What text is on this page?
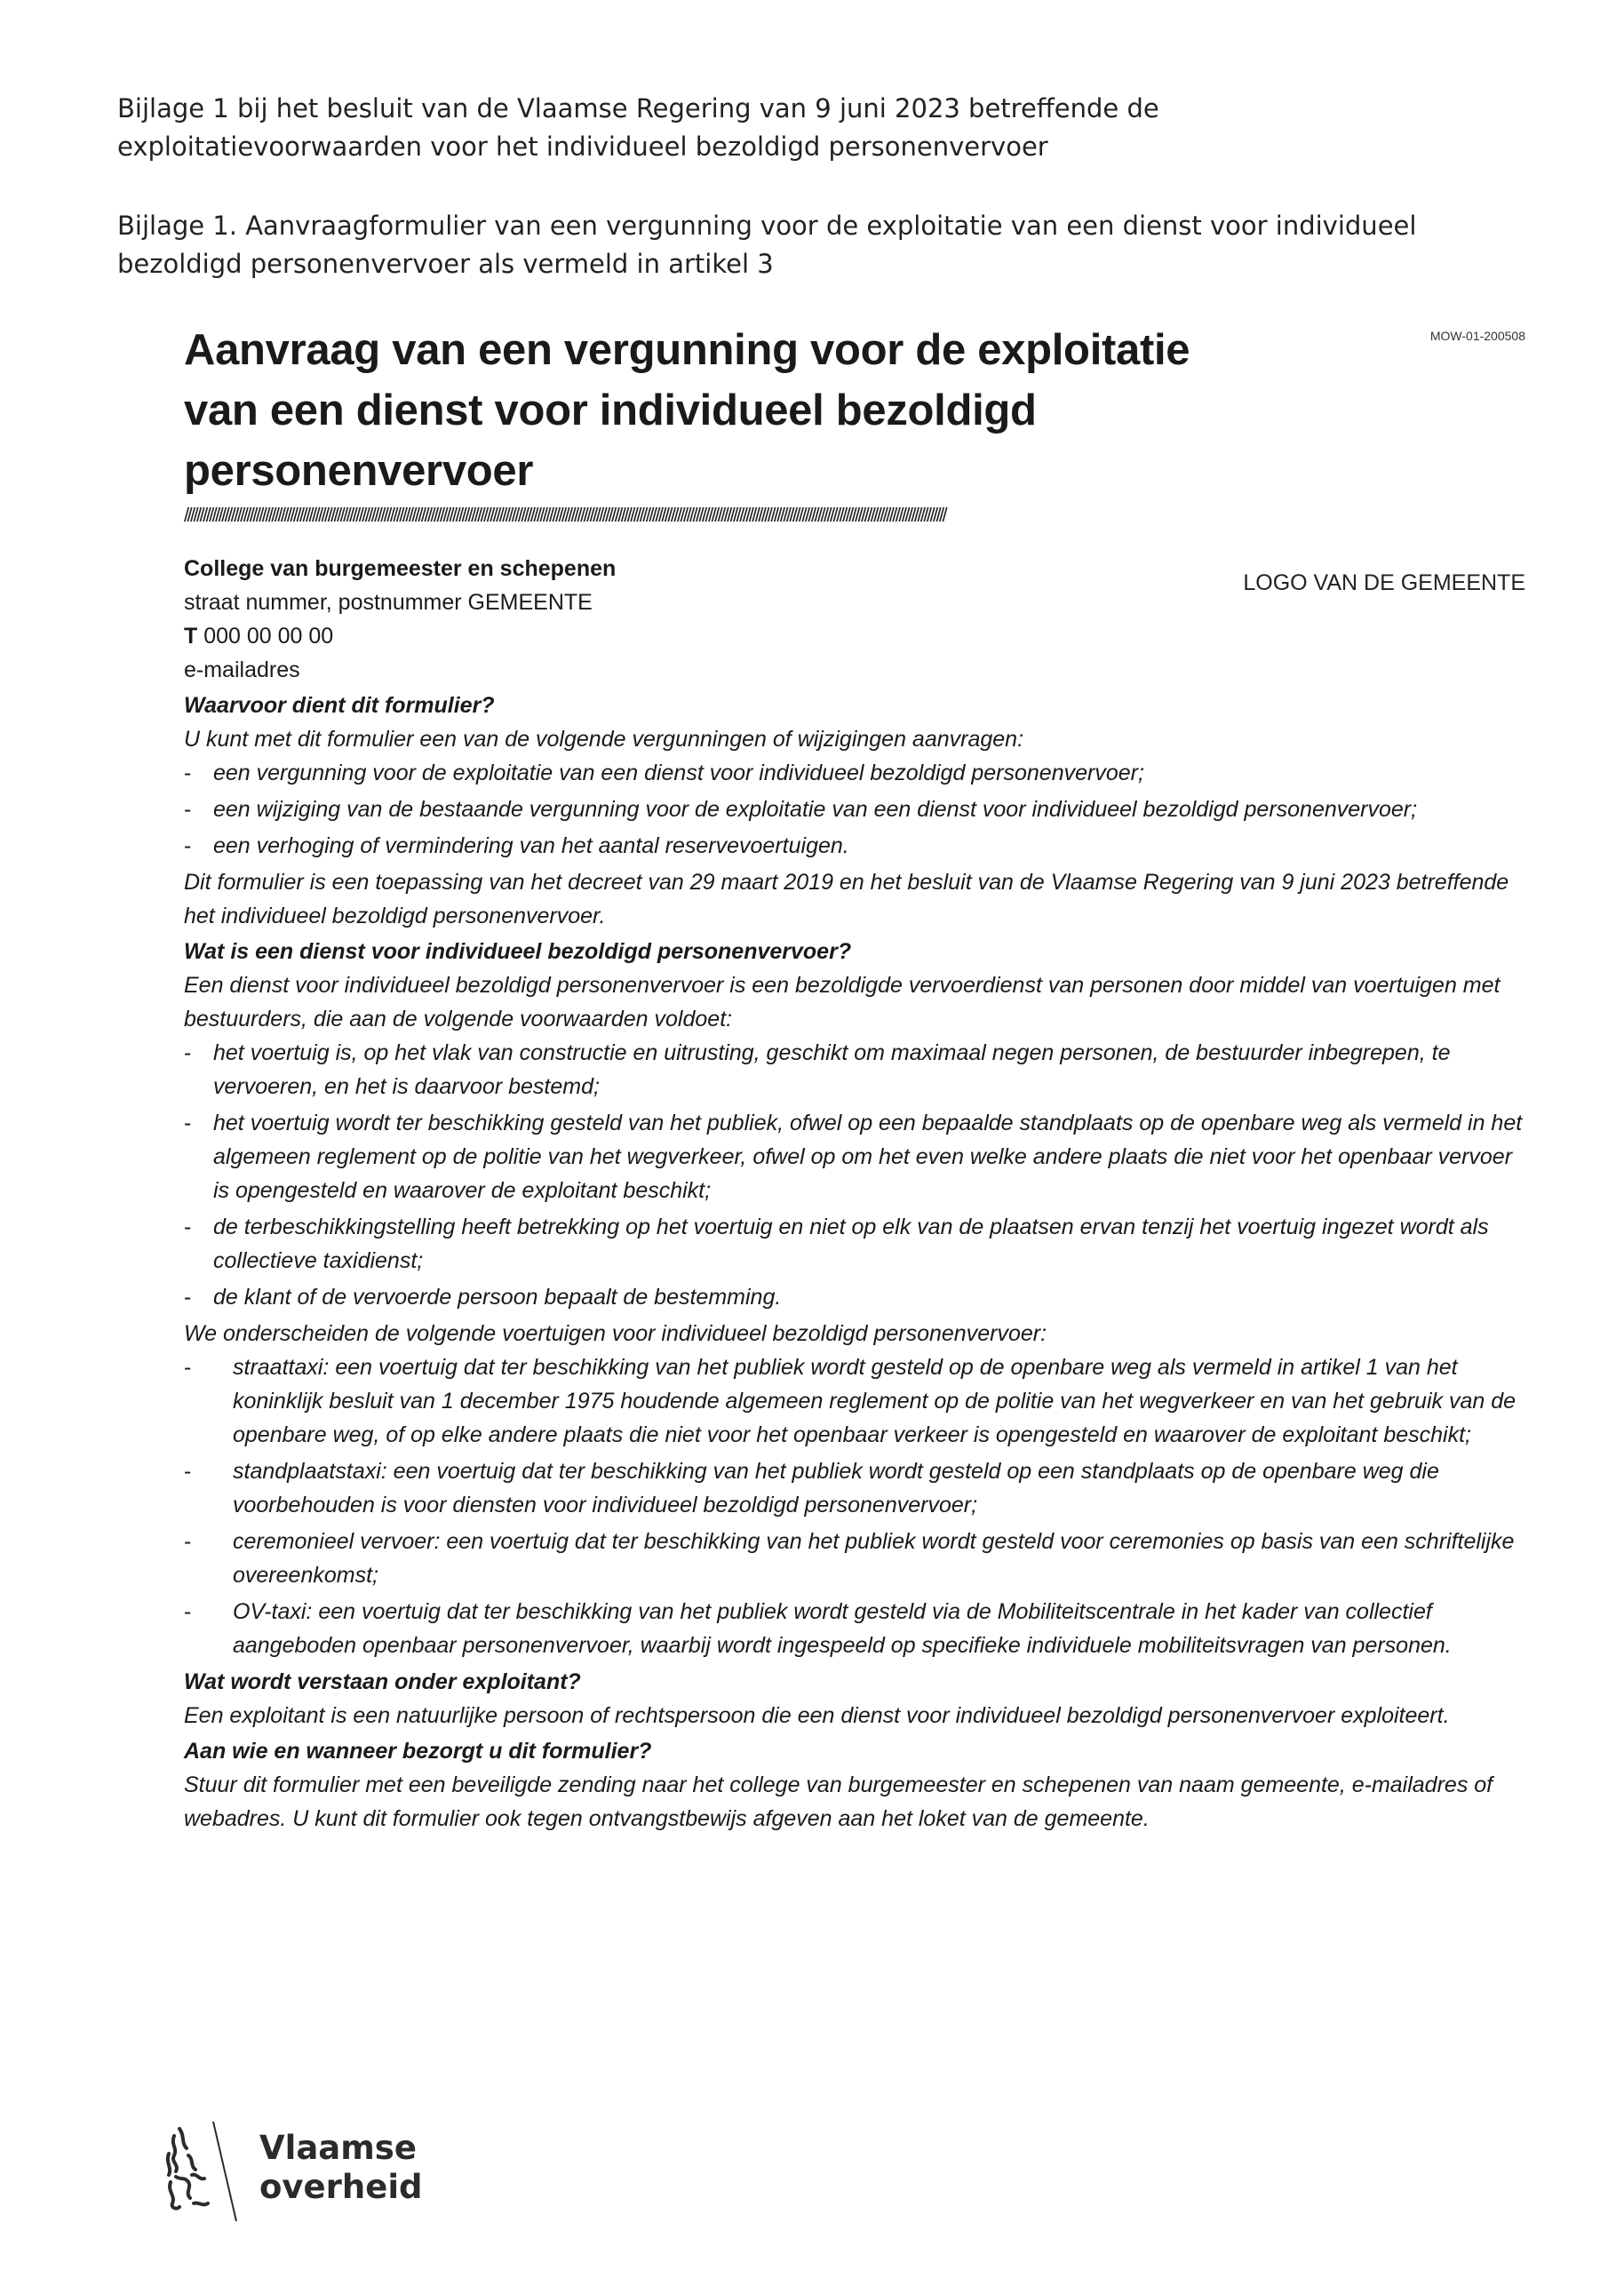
Bijlage 1 bij het besluit van de Vlaamse Regering van 9 juni 2023 betreffende de

exploitatievoorwaarden voor het individueel bezoldigd personenvervoer

Bijlage 1. Aanvraagformulier van een vergunning voor de exploitatie van een dienst voor individueel

bezoldigd personenvervoer als vermeld in artikel 3

MOW-01-200508
Aanvraag van een vergunning voor de exploitatie van een dienst voor individueel bezoldigd personenvervoer
////////////////////////////////////////////////////////////////////////////////////////////////////////////////////////////////////////////////////////////////////////////////////////////////////////////////////////////////////////////////////
LOGO VAN DE GEMEENTE
College van burgemeester en schepenen
straat nummer, postnummer GEMEENTE
T 000 00 00 00
e-mailadres

Waarvoor dient dit formulier?

U kunt met dit formulier een van de volgende vergunningen of wijzigingen aanvragen:

- een vergunning voor de exploitatie van een dienst voor individueel bezoldigd personenvervoer;
- een wijziging van de bestaande vergunning voor de exploitatie van een dienst voor individueel bezoldigd personenvervoer;
- een verhoging of vermindering van het aantal reservevoertuigen.

Dit formulier is een toepassing van het decreet van 29 maart 2019 en het besluit van de Vlaamse Regering van 9 juni 2023 betreffende het individueel bezoldigd personenvervoer.

Wat is een dienst voor individueel bezoldigd personenvervoer?

Een dienst voor individueel bezoldigd personenvervoer is een bezoldigde vervoerdienst van personen door middel van voertuigen met bestuurders, die aan de volgende voorwaarden voldoet:

- het voertuig is, op het vlak van constructie en uitrusting, geschikt om maximaal negen personen, de bestuurder inbegrepen, te vervoeren, en het is daarvoor bestemd;
- het voertuig wordt ter beschikking gesteld van het publiek, ofwel op een bepaalde standplaats op de openbare weg als vermeld in het algemeen reglement op de politie van het wegverkeer, ofwel op om het even welke andere plaats die niet voor het openbaar vervoer is opengesteld en waarover de exploitant beschikt;
- de terbeschikkingstelling heeft betrekking op het voertuig en niet op elk van de plaatsen ervan tenzij het voertuig ingezet wordt als collectieve taxidienst;
- de klant of de vervoerde persoon bepaalt de bestemming.

We onderscheiden de volgende voertuigen voor individueel bezoldigd personenvervoer:

- straattaxi: een voertuig dat ter beschikking van het publiek wordt gesteld op de openbare weg als vermeld in artikel 1 van het koninklijk besluit van 1 december 1975 houdende algemeen reglement op de politie van het wegverkeer en van het gebruik van de openbare weg, of op elke andere plaats die niet voor het openbaar verkeer is opengesteld en waarover de exploitant beschikt;
- standplaatstaxi: een voertuig dat ter beschikking van het publiek wordt gesteld op een standplaats op de openbare weg die voorbehouden is voor diensten voor individueel bezoldigd personenvervoer;
- ceremonieel vervoer: een voertuig dat ter beschikking van het publiek wordt gesteld voor ceremonies op basis van een schriftelijke overeenkomst;
- OV-taxi: een voertuig dat ter beschikking van het publiek wordt gesteld via de Mobiliteitscentrale in het kader van collectief aangeboden openbaar personenvervoer, waarbij wordt ingespeeld op specifieke individuele mobiliteitsvragen van personen.

Wat wordt verstaan onder exploitant?

Een exploitant is een natuurlijke persoon of rechtspersoon die een dienst voor individueel bezoldigd personenvervoer exploiteert.

Aan wie en wanneer bezorgt u dit formulier?

Stuur dit formulier met een beveiligde zending naar het college van burgemeester en schepenen van naam gemeente, e-mailadres of webadres. U kunt dit formulier ook tegen ontvangstbewijs afgeven aan het loket van de gemeente.

Vlaamse
overheid
